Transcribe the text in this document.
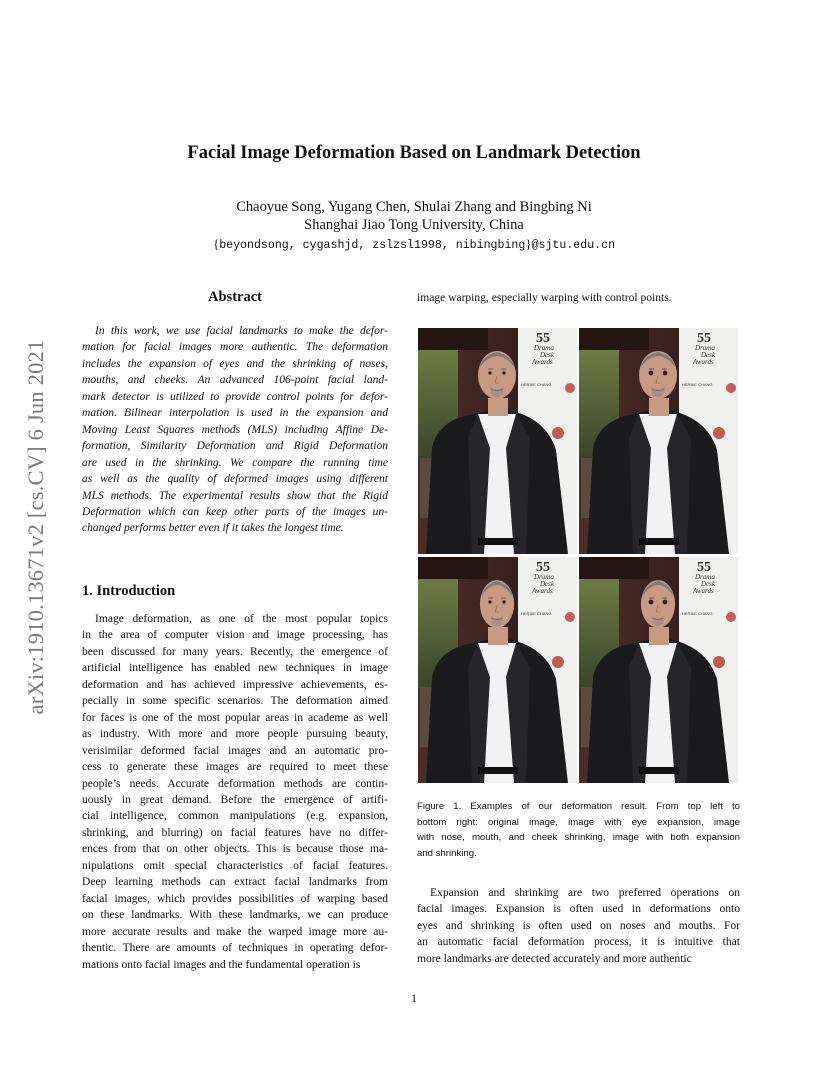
Facial Image Deformation Based on Landmark Detection
Chaoyue Song, Yugang Chen, Shulai Zhang and Bingbing Ni
Shanghai Jiao Tong University, China
{beyondsong, cygashjd, zslzsl1998, nibingbing}@sjtu.edu.cn
arXiv:1910.13671v2 [cs.CV] 6 Jun 2021
Abstract
In this work, we use facial landmarks to make the defor-
mation for facial images more authentic. The deformation
includes the expansion of eyes and the shrinking of noses,
mouths, and cheeks. An advanced 106-point facial land-
mark detector is utilized to provide control points for defor-
mation. Bilinear interpolation is used in the expansion and
Moving Least Squares methods (MLS) including Affine De-
formation, Similarity Deformation and Rigid Deformation
are used in the shrinking. We compare the running time
as well as the quality of deformed images using different
MLS methods. The experimental results show that the Rigid
Deformation which can keep other parts of the images un-
changed performs better even if it takes the longest time.
1. Introduction
Image deformation, as one of the most popular topics
in the area of computer vision and image processing, has
been discussed for many years. Recently, the emergence of
artificial intelligence has enabled new techniques in image
deformation and has achieved impressive achievements, es-
pecially in some specific scenarios. The deformation aimed
for faces is one of the most popular areas in academe as well
as industry. With more and more people pursuing beauty,
verisimilar deformed facial images and an automatic pro-
cess to generate these images are required to meet these
people’s needs. Accurate deformation methods are contin-
uously in great demand. Before the emergence of artifi-
cial intelligence, common manipulations (e.g. expansion,
shrinking, and blurring) on facial features have no differ-
ences from that on other objects. This is because those ma-
nipulations omit special characteristics of facial features.
Deep learning methods can extract facial landmarks from
facial images, which provides possibilities of warping based
on these landmarks. With these landmarks, we can produce
more accurate results and make the warped image more au-
thentic. There are amounts of techniques in operating defor-
mations onto facial images and the fundamental operation is
image warping, especially warping with control points.
55
Drama
Desk
Awards
HERBIE CHANG
55
Drama
Desk
Awards
HERBIE CHANG
55
Drama
Desk
Awards
HERBIE CHANG
55
Drama
Desk
Awards
HERBIE CHANG
Figure 1. Examples of our deformation result. From top left to
bottom right: original image, image with eye expansion, image
with nose, mouth, and cheek shrinking, image with both expansion
and shrinking.
Expansion and shrinking are two preferred operations on
facial images. Expansion is often used in deformations onto
eyes and shrinking is often used on noses and mouths. For
an automatic facial deformation process, it is intuitive that
more landmarks are detected accurately and more authentic
1
